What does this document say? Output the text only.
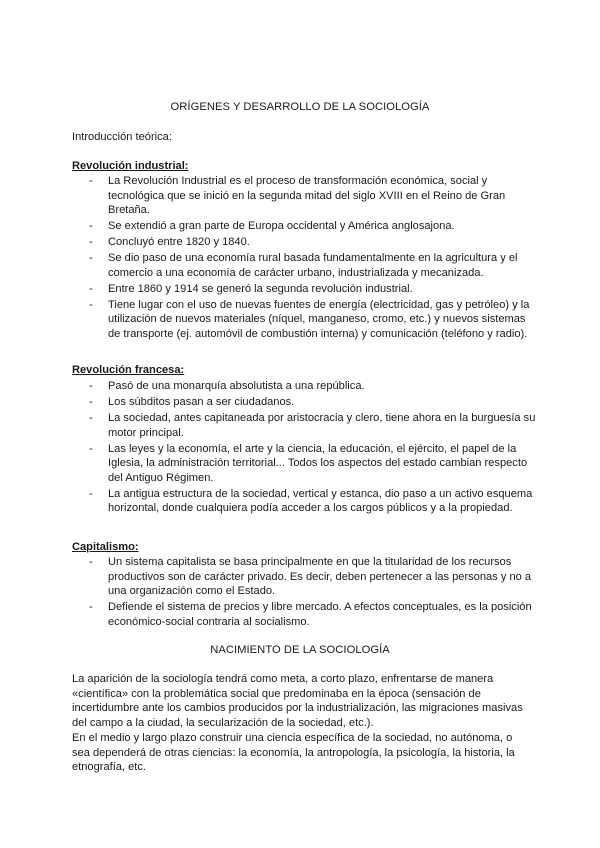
ORÍGENES Y DESARROLLO DE LA SOCIOLOGÍA
Introducción teórica:
Revolución industrial:
- La Revolución Industrial es el proceso de transformación económica, social y tecnológica que se inició en la segunda mitad del siglo XVIII en el Reino de Gran Bretaña.
- Se extendió a gran parte de Europa occidental y América anglosajona.
- Concluyó entre 1820 y 1840.
- Se dio paso de una economía rural basada fundamentalmente en la agricultura y el comercio a una economía de carácter urbano, industrializada y mecanizada.
- Entre 1860 y 1914 se generó la segunda revolución industrial.
- Tiene lugar con el uso de nuevas fuentes de energía (electricidad, gas y petróleo) y la utilización de nuevos materiales (níquel, manganeso, cromo, etc.) y nuevos sistemas de transporte (ej. automóvil de combustión interna) y comunicación (teléfono y radio).
Revolución francesa:
- Pasó de una monarquía absolutista a una república.
- Los súbditos pasan a ser ciudadanos.
- La sociedad, antes capitaneada por aristocracia y clero, tiene ahora en la burguesía su motor principal.
- Las leyes y la economía, el arte y la ciencia, la educación, el ejército, el papel de la Iglesia, la administración territorial... Todos los aspectos del estado cambian respecto del Antiguo Régimen.
- La antigua estructura de la sociedad, vertical y estanca, dio paso a un activo esquema horizontal, donde cualquiera podía acceder a los cargos públicos y a la propiedad.
Capitalismo:
- Un sistema capitalista se basa principalmente en que la titularidad de los recursos productivos son de carácter privado. Es decir, deben pertenecer a las personas y no a una organización como el Estado.
- Defiende el sistema de precios y libre mercado. A efectos conceptuales, es la posición económico-social contraria al socialismo.
NACIMIENTO DE LA SOCIOLOGÍA
La aparición de la sociología tendrá como meta, a corto plazo, enfrentarse de manera «científica» con la problemática social que predominaba en la época (sensación de incertidumbre ante los cambios producidos por la industrialización, las migraciones masivas del campo a la ciudad, la secularización de la sociedad, etc.).
En el medio y largo plazo construir una ciencia específica de la sociedad, no autónoma, o sea dependerá de otras ciencias: la economía, la antropología, la psicología, la historia, la etnografía, etc.
